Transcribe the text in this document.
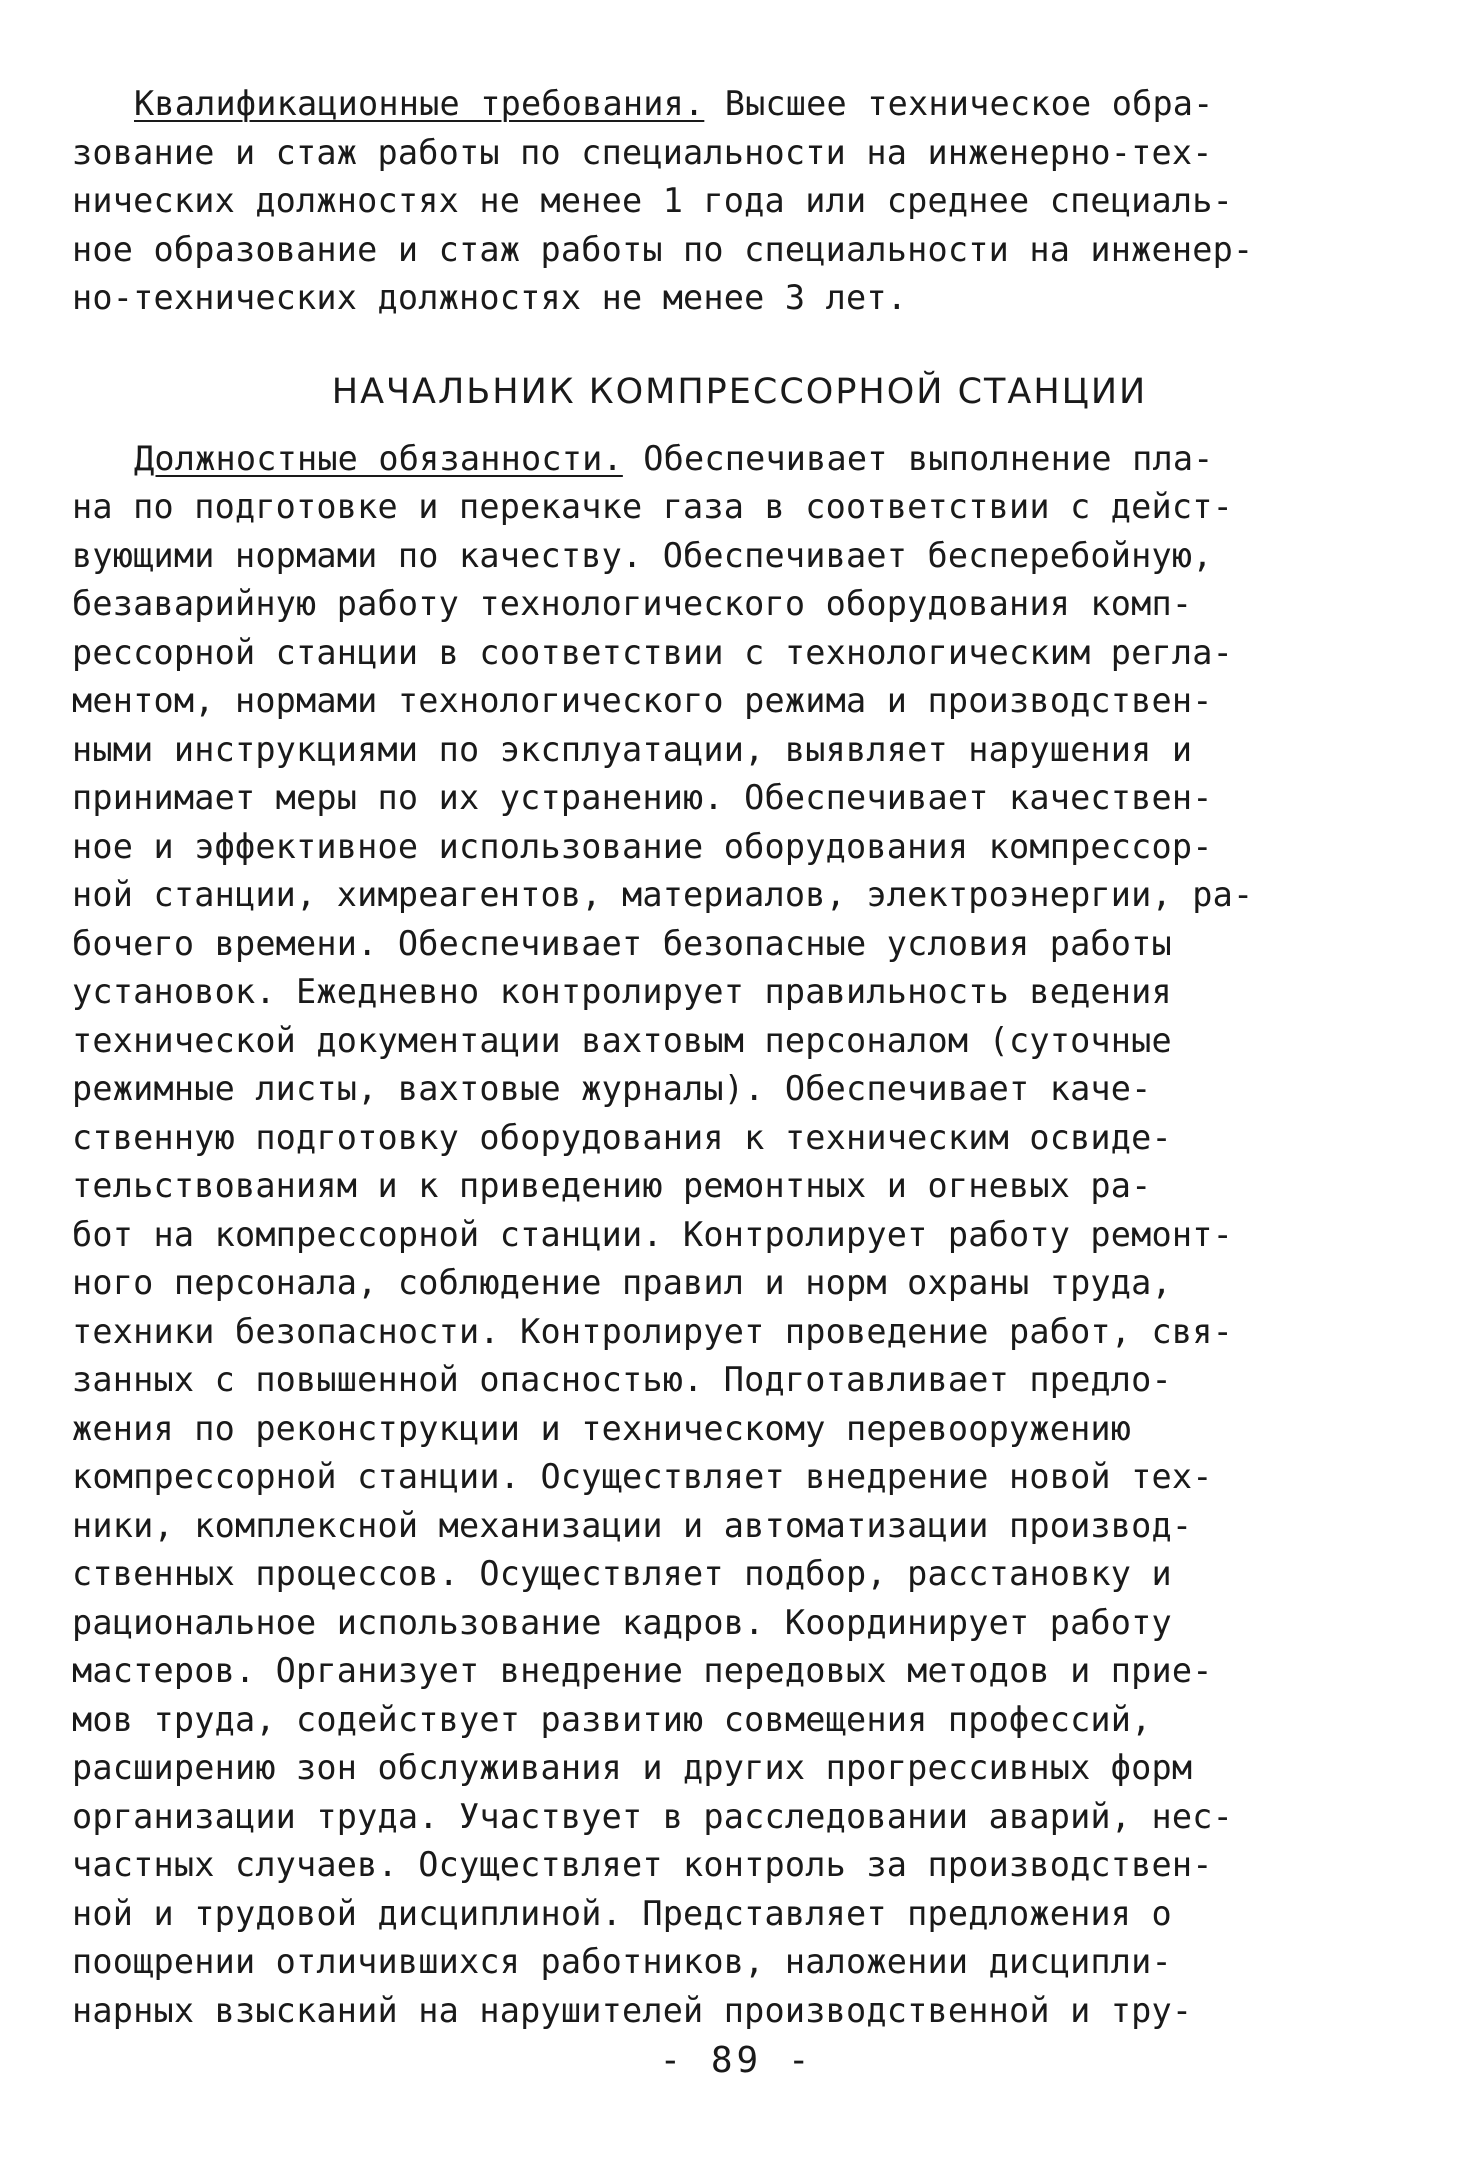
Квалификационные требования. Высшее техническое обра-
зование и стаж работы по специальности на инженерно-тех-
нических должностях не менее 1 года или среднее специаль-
ное образование и стаж работы по специальности на инженер-
но-технических должностях не менее 3 лет.
НАЧАЛЬНИК КОМПРЕССОРНОЙ СТАНЦИИ
Должностные обязанности. Обеспечивает выполнение пла-
на по подготовке и перекачке газа в соответствии с дейст-
вующими нормами по качеству. Обеспечивает бесперебойную,
безаварийную работу технологического оборудования комп-
рессорной станции в соответствии с технологическим регла-
ментом, нормами технологического режима и производствен-
ными инструкциями по эксплуатации, выявляет нарушения и
принимает меры по их устранению. Обеспечивает качествен-
ное и эффективное использование оборудования компрессор-
ной станции, химреагентов, материалов, электроэнергии, ра-
бочего времени. Обеспечивает безопасные условия работы
установок. Ежедневно контролирует правильность ведения
технической документации вахтовым персоналом (суточные
режимные листы, вахтовые журналы). Обеспечивает каче-
ственную подготовку оборудования к техническим освиде-
тельствованиям и к приведению ремонтных и огневых ра-
бот на компрессорной станции. Контролирует работу ремонт-
ного персонала, соблюдение правил и норм охраны труда,
техники безопасности. Контролирует проведение работ, свя-
занных с повышенной опасностью. Подготавливает предло-
жения по реконструкции и техническому перевооружению
компрессорной станции. Осуществляет внедрение новой тех-
ники, комплексной механизации и автоматизации производ-
ственных процессов. Осуществляет подбор, расстановку и
рациональное использование кадров. Координирует работу
мастеров. Организует внедрение передовых методов и прие-
мов труда, содействует развитию совмещения профессий,
расширению зон обслуживания и других прогрессивных форм
организации труда. Участвует в расследовании аварий, нес-
частных случаев. Осуществляет контроль за производствен-
ной и трудовой дисциплиной. Представляет предложения о
поощрении отличившихся работников, наложении дисципли-
нарных взысканий на нарушителей производственной и тру-
- 89 -
